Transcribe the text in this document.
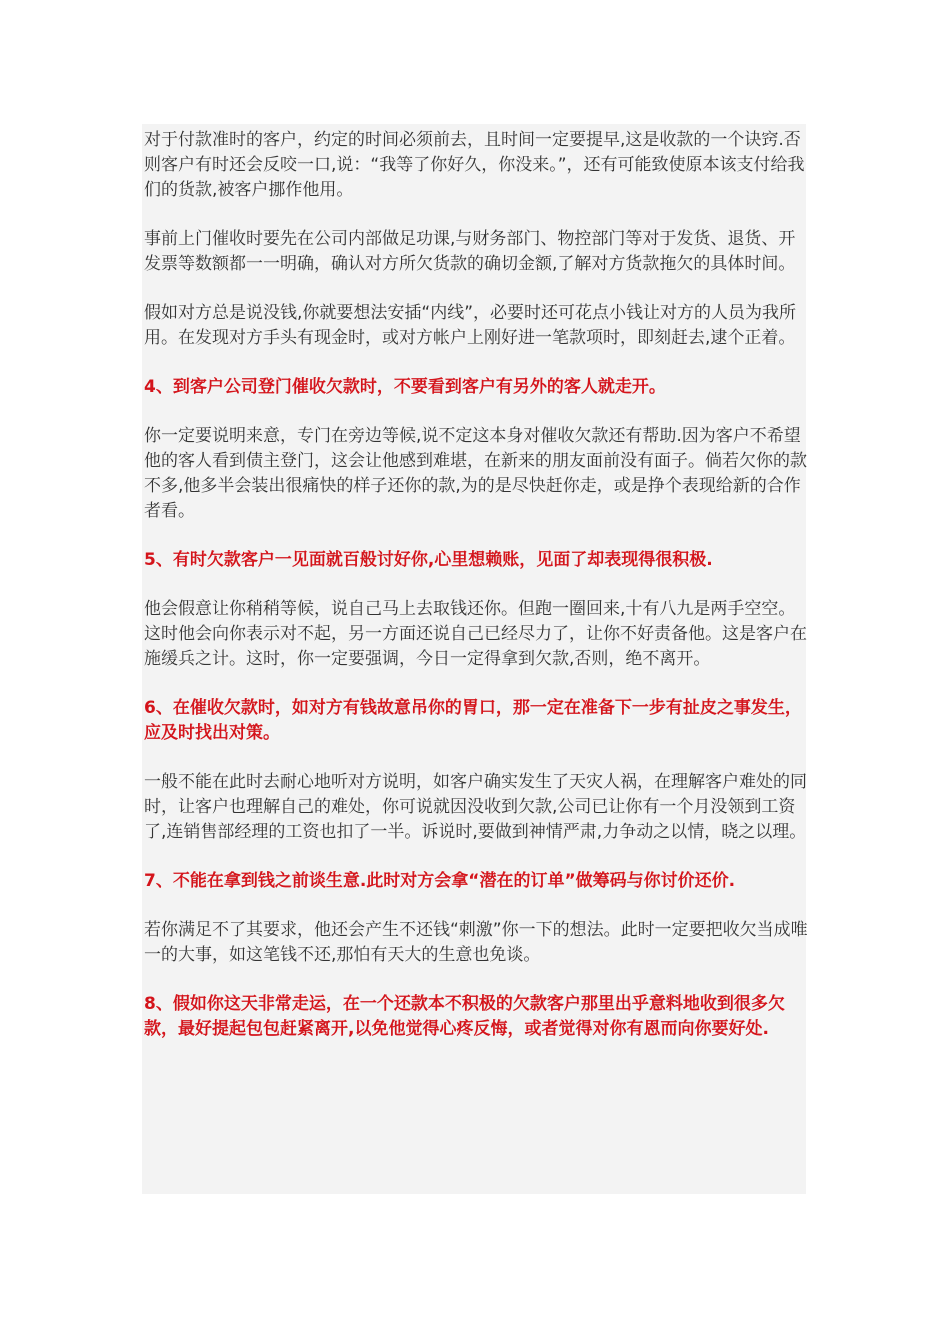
对于付款准时的客户，约定的时间必须前去，且时间一定要提早,这是收款的一个诀窍.否则客户有时还会反咬一口,说：“我等了你好久，你没来。”，还有可能致使原本该支付给我们的货款,被客户挪作他用。

事前上门催收时要先在公司内部做足功课,与财务部门、物控部门等对于发货、退货、开发票等数额都一一明确，确认对方所欠货款的确切金额,了解对方货款拖欠的具体时间。

假如对方总是说没钱,你就要想法安插“内线”，必要时还可花点小钱让对方的人员为我所用。在发现对方手头有现金时，或对方帐户上刚好进一笔款项时，即刻赶去,逮个正着。

4、到客户公司登门催收欠款时，不要看到客户有另外的客人就走开。

你一定要说明来意，专门在旁边等候,说不定这本身对催收欠款还有帮助.因为客户不希望他的客人看到债主登门，这会让他感到难堪，在新来的朋友面前没有面子。倘若欠你的款不多,他多半会装出很痛快的样子还你的款,为的是尽快赶你走，或是挣个表现给新的合作者看。

5、有时欠款客户一见面就百般讨好你,心里想赖账，见面了却表现得很积极.

他会假意让你稍稍等候，说自己马上去取钱还你。但跑一圈回来,十有八九是两手空空。这时他会向你表示对不起，另一方面还说自己已经尽力了，让你不好责备他。这是客户在施缓兵之计。这时，你一定要强调，今日一定得拿到欠款,否则，绝不离开。

6、在催收欠款时，如对方有钱故意吊你的胃口，那一定在准备下一步有扯皮之事发生，应及时找出对策。

一般不能在此时去耐心地听对方说明，如客户确实发生了天灾人祸，在理解客户难处的同时，让客户也理解自己的难处，你可说就因没收到欠款,公司已让你有一个月没领到工资了,连销售部经理的工资也扣了一半。诉说时,要做到神情严肃,力争动之以情，晓之以理。

7、不能在拿到钱之前谈生意.此时对方会拿“潜在的订单”做筹码与你讨价还价.

若你满足不了其要求，他还会产生不还钱“刺激”你一下的想法。此时一定要把收欠当成唯一的大事，如这笔钱不还,那怕有天大的生意也免谈。

8、假如你这天非常走运，在一个还款本不积极的欠款客户那里出乎意料地收到很多欠款，最好提起包包赶紧离开,以免他觉得心疼反悔，或者觉得对你有恩而向你要好处.
